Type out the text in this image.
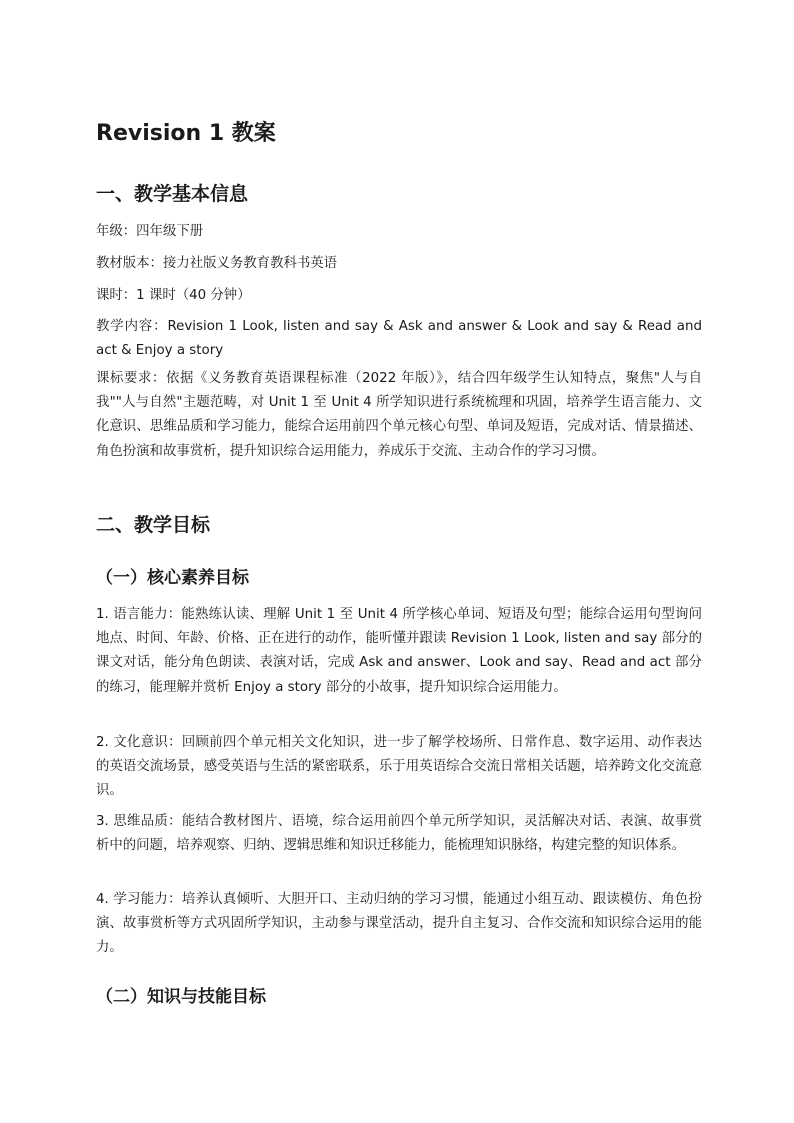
Revision 1 教案
一、教学基本信息

年级：四年级下册

教材版本：接力社版义务教育教科书英语

课时：1 课时（40 分钟）

教学内容：Revision 1 Look, listen and say & Ask and answer & Look and say & Read and act & Enjoy a story

课标要求：依据《义务教育英语课程标准（2022 年版）》，结合四年级学生认知特点，聚焦"人与自我""人与自然"主题范畴，对 Unit 1 至 Unit 4 所学知识进行系统梳理和巩固，培养学生语言能力、文化意识、思维品质和学习能力，能综合运用前四个单元核心句型、单词及短语，完成对话、情景描述、角色扮演和故事赏析，提升知识综合运用能力，养成乐于交流、主动合作的学习习惯。

二、教学目标
（一）核心素养目标

1. 语言能力：能熟练认读、理解 Unit 1 至 Unit 4 所学核心单词、短语及句型；能综合运用句型询问地点、时间、年龄、价格、正在进行的动作，能听懂并跟读 Revision 1 Look, listen and say 部分的课文对话，能分角色朗读、表演对话，完成 Ask and answer、Look and say、Read and act 部分的练习，能理解并赏析 Enjoy a story 部分的小故事，提升知识综合运用能力。

2. 文化意识：回顾前四个单元相关文化知识，进一步了解学校场所、日常作息、数字运用、动作表达的英语交流场景，感受英语与生活的紧密联系，乐于用英语综合交流日常相关话题，培养跨文化交流意识。

3. 思维品质：能结合教材图片、语境，综合运用前四个单元所学知识，灵活解决对话、表演、故事赏析中的问题，培养观察、归纳、逻辑思维和知识迁移能力，能梳理知识脉络，构建完整的知识体系。

4. 学习能力：培养认真倾听、大胆开口、主动归纳的学习习惯，能通过小组互动、跟读模仿、角色扮演、故事赏析等方式巩固所学知识，主动参与课堂活动，提升自主复习、合作交流和知识综合运用的能力。

（二）知识与技能目标
